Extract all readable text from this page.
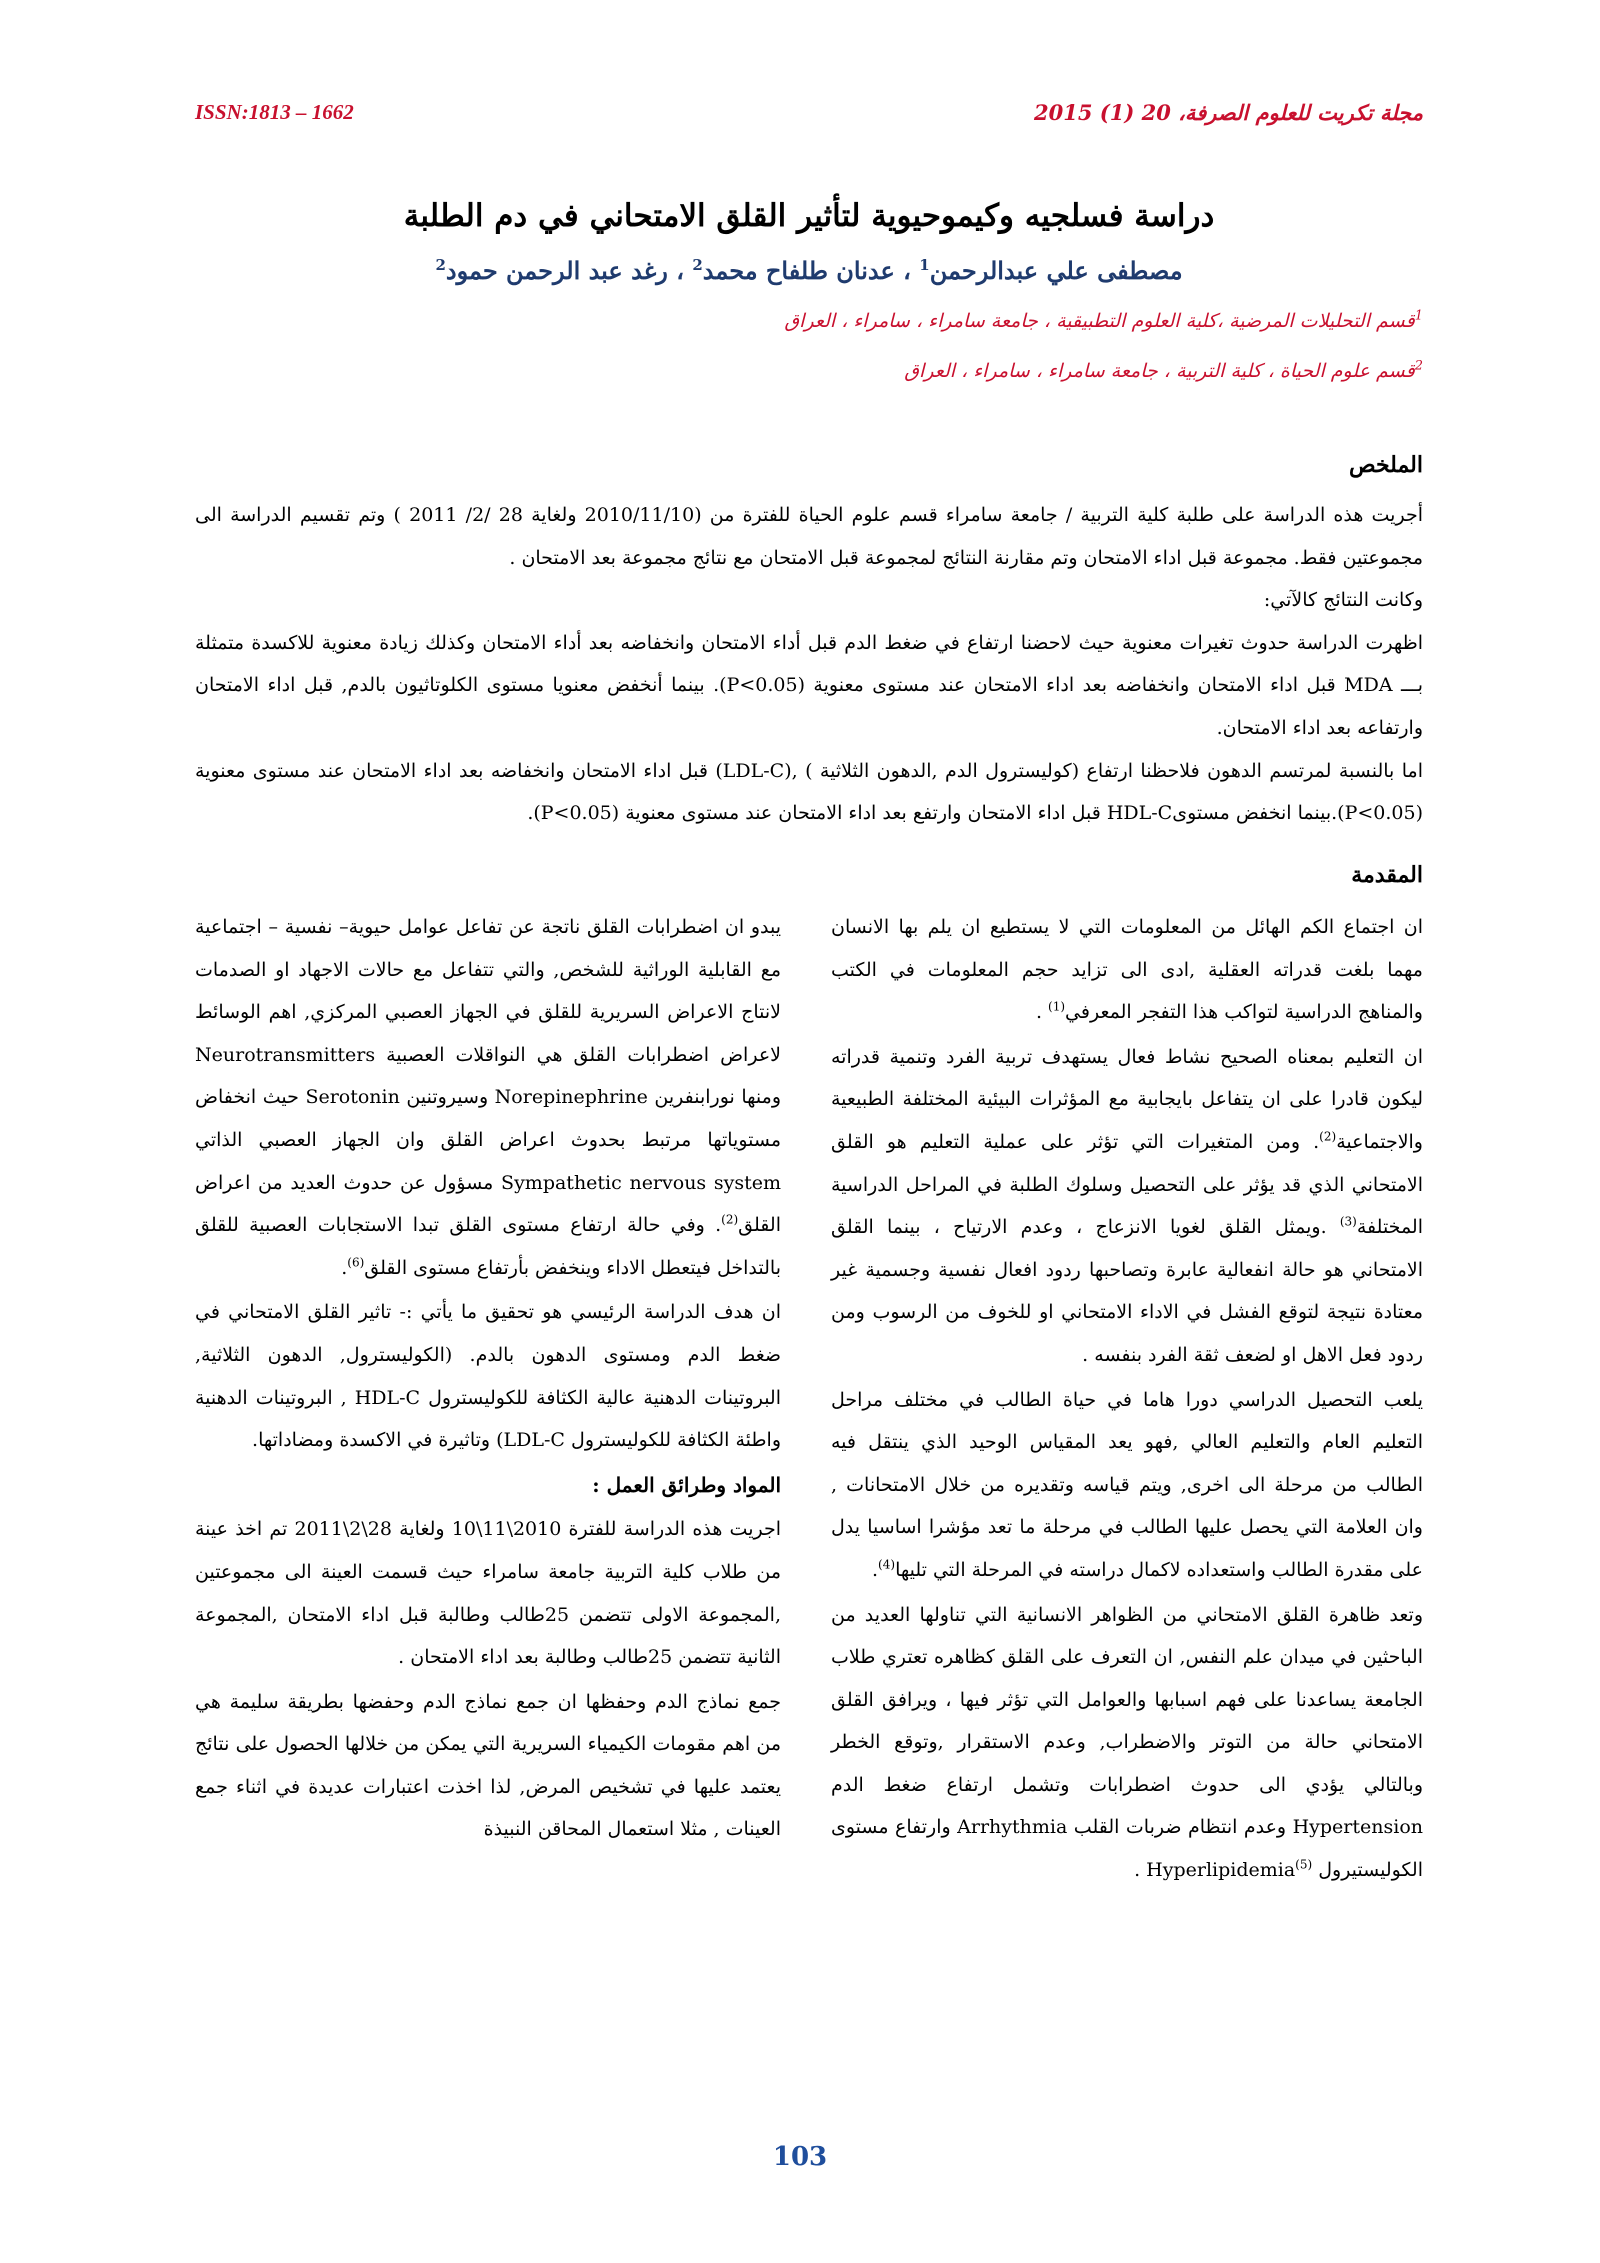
مجلة تكريت للعلوم الصرفة، 20 (1) 2015
ISSN:1813 – 1662
دراسة فسلجيه وكيموحيوية لتأثير القلق الامتحاني في دم الطلبة
مصطفى علي عبدالرحمن$^1$ ، عدنان طلفاح محمد$^2$ ، رغد عبد الرحمن حمود$^2$
$^1$قسم التحليلات المرضية ،كلية العلوم التطبيقية ، جامعة سامراء ، سامراء ، العراق
$^2$قسم علوم الحياة ، كلية التربية ، جامعة سامراء ، سامراء ، العراق
الملخص

أجريت هذه الدراسة على طلبة كلية التربية / جامعة سامراء قسم علوم الحياة للفترة من (2010/11/10 ولغاية 28 /2/ 2011 ) وتم تقسيم الدراسة الى مجموعتين فقط. مجموعة قبل اداء الامتحان وتم مقارنة النتائج لمجموعة قبل الامتحان مع نتائج مجموعة بعد الامتحان .

وكانت النتائج كالآتي:

اظهرت الدراسة حدوث تغيرات معنوية حيث لاحضنا ارتفاع في ضغط الدم قبل أداء الامتحان وانخفاضه بعد أداء الامتحان وكذلك زيادة معنوية للاكسدة متمثلة بـــ MDA قبل اداء الامتحان وانخفاضه بعد اداء الامتحان عند مستوى معنوية (P<0.05). بينما أنخفض معنويا مستوى الكلوتاثيون بالدم, قبل اداء الامتحان وارتفاعه بعد اداء الامتحان.

اما بالنسبة لمرتسم الدهون فلاحظنا ارتفاع (كوليسترول الدم ,الدهون الثلاثية ) ,(LDL-C) قبل اداء الامتحان وانخفاضه بعد اداء الامتحان عند مستوى معنوية (P<0.05).بينما انخفض مستوىHDL-C قبل اداء الامتحان وارتفع بعد اداء الامتحان عند مستوى معنوية (P<0.05).

المقدمة

ان اجتماع الكم الهائل من المعلومات التي لا يستطيع ان يلم بها الانسان مهما بلغت قدراته العقلية ,ادى الى تزايد حجم المعلومات في الكتب والمناهج الدراسية لتواكب هذا التفجر المعرفي$^{(1)}$ .

ان التعليم بمعناه الصحيح نشاط فعال يستهدف تربية الفرد وتنمية قدراته ليكون قادرا على ان يتفاعل بايجابية مع المؤثرات البيئية المختلفة الطبيعية والاجتماعية$^{(2)}$. ومن المتغيرات التي تؤثر على عملية التعليم هو القلق الامتحاني الذي قد يؤثر على التحصيل وسلوك الطلبة في المراحل الدراسية المختلفة$^{(3)}$ .ويمثل القلق لغويا الانزعاج ، وعدم الارتياح ، بينما القلق الامتحاني هو حالة انفعالية عابرة وتصاحبها ردود افعال نفسية وجسمية غير معتادة نتيجة لتوقع الفشل في الاداء الامتحاني او للخوف من الرسوب ومن ردود فعل الاهل او لضعف ثقة الفرد بنفسه .

يلعب التحصيل الدراسي دورا هاما في حياة الطالب في مختلف مراحل التعليم العام والتعليم العالي ,فهو يعد المقياس الوحيد الذي ينتقل فيه الطالب من مرحلة الى اخرى, ويتم قياسه وتقديره من خلال الامتحانات , وان العلامة التي يحصل عليها الطالب في مرحلة ما تعد مؤشرا اساسيا يدل على مقدرة الطالب واستعداده لاكمال دراسته في المرحلة التي تليها$^{(4)}$.

وتعد ظاهرة القلق الامتحاني من الظواهر الانسانية التي تناولها العديد من الباحثين في ميدان علم النفس, ان التعرف على القلق كظاهره تعتري طلاب الجامعة يساعدنا على فهم اسبابها والعوامل التي تؤثر فيها ، ويرافق القلق الامتحاني حالة من التوتر والاضطراب, وعدم الاستقرار ,وتوقع الخطر وبالتالي يؤدي الى حدوث اضطرابات وتشمل ارتفاع ضغط الدم Hypertension وعدم انتظام ضربات القلب Arrhythmia وارتفاع مستوى الكوليستيرول Hyperlipidemia$^{(5)}$ .

يبدو ان اضطرابات القلق ناتجة عن تفاعل عوامل حيوية– نفسية – اجتماعية مع القابلية الوراثية للشخص, والتي تتفاعل مع حالات الاجهاد او الصدمات لانتاج الاعراض السريرية للقلق في الجهاز العصبي المركزي, اهم الوسائط لاعراض اضطرابات القلق هي النواقلات العصبية Neurotransmitters ومنها نورابنفرين Norepinephrine وسيروتنين Serotonin حيث انخفاض مستوياتها مرتبط بحدوث اعراض القلق وان الجهاز العصبي الذاتي Sympathetic nervous system مسؤول عن حدوث العديد من اعراض القلق$^{(2)}$. وفي حالة ارتفاع مستوى القلق تبدا الاستجابات العصبية للقلق بالتداخل فيتعطل الاداء وينخفض بأرتفاع مستوى القلق$^{(6)}$.

ان هدف الدراسة الرئيسي هو تحقيق ما يأتي :- تاثير القلق الامتحاني في ضغط الدم ومستوى الدهون بالدم. (الكوليسترول, الدهون الثلاثية, البروتينات الدهنية عالية الكثافة للكوليسترول HDL-C , البروتينات الدهنية واطئة الكثافة للكوليسترول LDL-C) وتاثيرة في الاكسدة ومضاداتها.

المواد وطرائق العمل :

اجريت هذه الدراسة للفترة 2010\11\10 ولغاية 28\2\2011 تم اخذ عينة من طلاب كلية التربية جامعة سامراء حيث قسمت العينة الى مجموعتين ,المجموعة الاولى تتضمن 25طالب وطالبة قبل اداء الامتحان ,المجموعة الثانية تتضمن 25طالب وطالبة بعد اداء الامتحان .

جمع نماذج الدم وحفظها ان جمع نماذج الدم وحفضها بطريقة سليمة هي من اهم مقومات الكيمياء السريرية التي يمكن من خلالها الحصول على نتائج يعتمد عليها في تشخيص المرض, لذا اخذت اعتبارات عديدة في اثناء جمع العينات , مثلا استعمال المحاقن النبيذة

103
